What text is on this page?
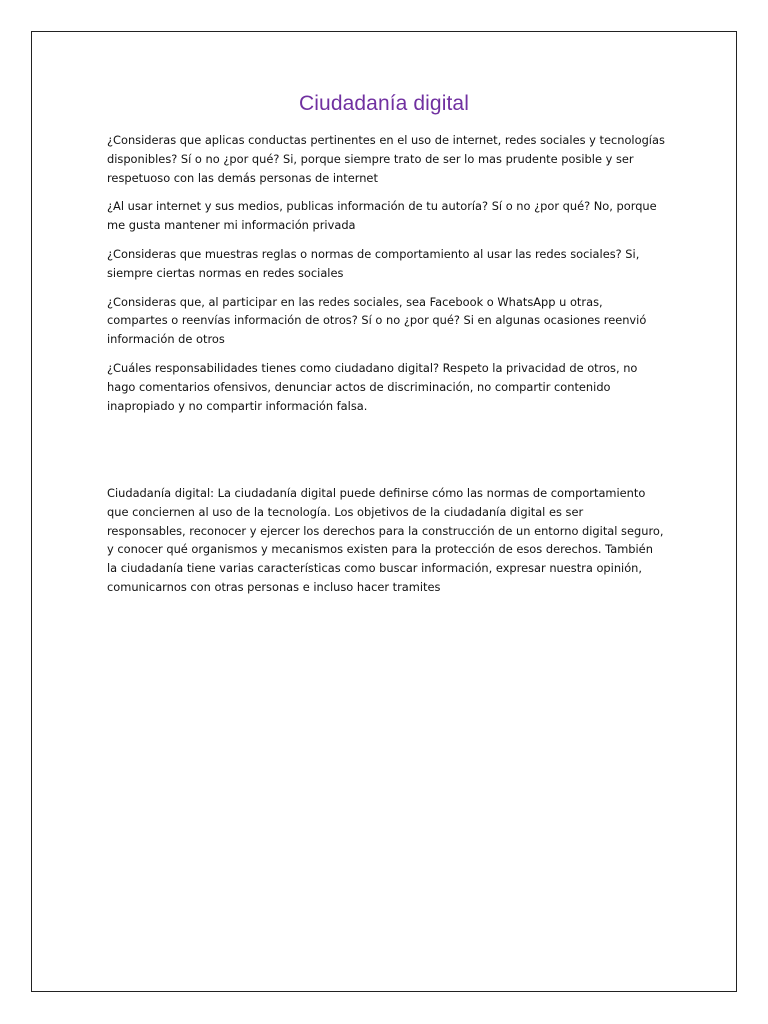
Ciudadanía digital

¿Consideras que aplicas conductas pertinentes en el uso de internet, redes sociales y tecnologías disponibles? Sí o no ¿por qué? Si, porque siempre trato de ser lo mas prudente posible y ser respetuoso con las demás personas de internet

¿Al usar internet y sus medios, publicas información de tu autoría? Sí o no ¿por qué? No, porque me gusta mantener mi información privada

¿Consideras que muestras reglas o normas de comportamiento al usar las redes sociales? Si, siempre ciertas normas en redes sociales

¿Consideras que, al participar en las redes sociales, sea Facebook o WhatsApp u otras, compartes o reenvías información de otros? Sí o no ¿por qué? Si en algunas ocasiones reenvió información de otros

¿Cuáles responsabilidades tienes como ciudadano digital? Respeto la privacidad de otros, no hago comentarios ofensivos, denunciar actos de discriminación, no compartir contenido inapropiado y no compartir información falsa.

Ciudadanía digital: La ciudadanía digital puede definirse cómo las normas de comportamiento que conciernen al uso de la tecnología. Los objetivos de la ciudadanía digital es ser responsables, reconocer y ejercer los derechos para la construcción de un entorno digital seguro, y conocer qué organismos y mecanismos existen para la protección de esos derechos. También la ciudadanía tiene varias características como buscar información, expresar nuestra opinión, comunicarnos con otras personas e incluso hacer tramites
